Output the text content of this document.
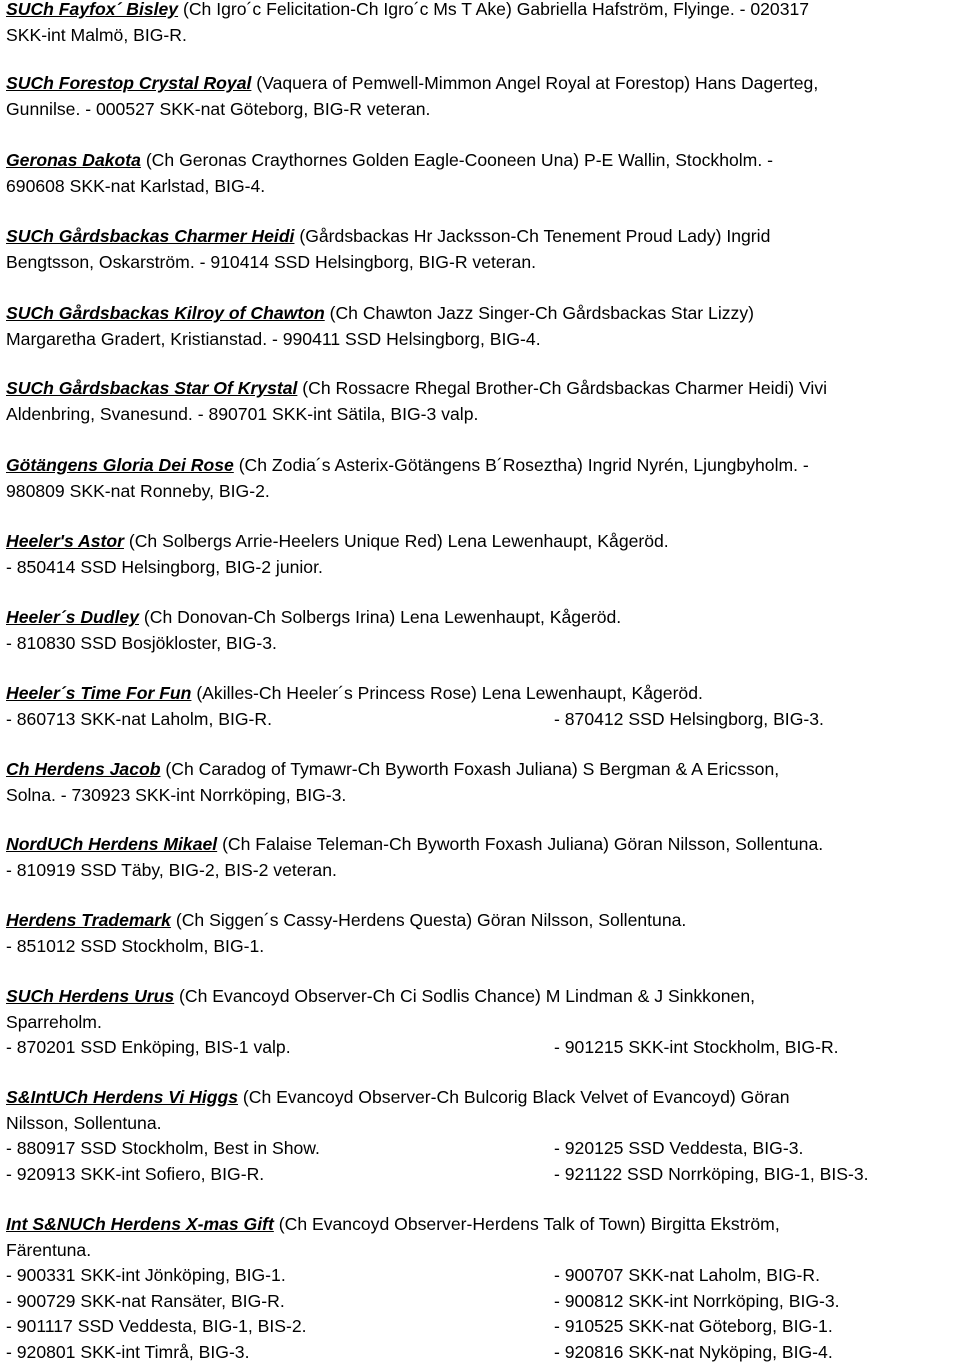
SUCh Fayfox´ Bisley (Ch Igro´c Felicitation-Ch Igro´c Ms T Ake) Gabriella Hafström, Flyinge. - 020317
SKK-int Malmö, BIG-R.
SUCh Forestop Crystal Royal (Vaquera of Pemwell-Mimmon Angel Royal at Forestop) Hans Dagerteg,
Gunnilse. - 000527 SKK-nat Göteborg, BIG-R veteran.
Geronas Dakota (Ch Geronas Craythornes Golden Eagle-Cooneen Una) P-E Wallin, Stockholm. -
690608 SKK-nat Karlstad, BIG-4.
SUCh Gårdsbackas Charmer Heidi (Gårdsbackas Hr Jacksson-Ch Tenement Proud Lady) Ingrid
Bengtsson, Oskarström. - 910414 SSD Helsingborg, BIG-R veteran.
SUCh Gårdsbackas Kilroy of Chawton (Ch Chawton Jazz Singer-Ch Gårdsbackas Star Lizzy)
Margaretha Gradert, Kristianstad. - 990411 SSD Helsingborg, BIG-4.
SUCh Gårdsbackas Star Of Krystal (Ch Rossacre Rhegal Brother-Ch Gårdsbackas Charmer Heidi) Vivi
Aldenbring, Svanesund. - 890701 SKK-int Sätila, BIG-3 valp.
Götängens Gloria Dei Rose (Ch Zodia´s Asterix-Götängens B´Roseztha) Ingrid Nyrén, Ljungbyholm. -
980809 SKK-nat Ronneby, BIG-2.
Heeler's Astor (Ch Solbergs Arrie-Heelers Unique Red) Lena Lewenhaupt, Kågeröd.
- 850414 SSD Helsingborg, BIG-2 junior.
Heeler´s Dudley (Ch Donovan-Ch Solbergs Irina) Lena Lewenhaupt, Kågeröd.
- 810830 SSD Bosjökloster, BIG-3.
Heeler´s Time For Fun (Akilles-Ch Heeler´s Princess Rose) Lena Lewenhaupt, Kågeröd.
- 860713 SKK-nat Laholm, BIG-R.	- 870412 SSD Helsingborg, BIG-3.
Ch Herdens Jacob (Ch Caradog of Tymawr-Ch Byworth Foxash Juliana) S Bergman & A Ericsson,
Solna. - 730923 SKK-int Norrköping, BIG-3.
NordUCh Herdens Mikael (Ch Falaise Teleman-Ch Byworth Foxash Juliana) Göran Nilsson, Sollentuna.
- 810919 SSD Täby, BIG-2, BIS-2 veteran.
Herdens Trademark (Ch Siggen´s Cassy-Herdens Questa) Göran Nilsson, Sollentuna.
- 851012 SSD Stockholm, BIG-1.
SUCh Herdens Urus (Ch Evancoyd Observer-Ch Ci Sodlis Chance) M Lindman & J Sinkkonen,
Sparreholm.
- 870201 SSD Enköping, BIS-1 valp.	- 901215 SKK-int Stockholm, BIG-R.
S&IntUCh Herdens Vi Higgs (Ch Evancoyd Observer-Ch Bulcorig Black Velvet of Evancoyd) Göran
Nilsson, Sollentuna.
- 880917 SSD Stockholm, Best in Show.	- 920125 SSD Veddesta, BIG-3.
- 920913 SKK-int Sofiero, BIG-R.	- 921122 SSD Norrköping, BIG-1, BIS-3.
Int S&NUCh Herdens X-mas Gift (Ch Evancoyd Observer-Herdens Talk of Town) Birgitta Ekström,
Färentuna.
- 900331 SKK-int Jönköping, BIG-1.	- 900707 SKK-nat Laholm, BIG-R.
- 900729 SKK-nat Ransäter, BIG-R.	- 900812 SKK-int Norrköping, BIG-3.
- 901117 SSD Veddesta, BIG-1, BIS-2.	- 910525 SKK-nat Göteborg, BIG-1.
- 920801 SKK-int Timrå, BIG-3.	- 920816 SKK-nat Nyköping, BIG-4.
